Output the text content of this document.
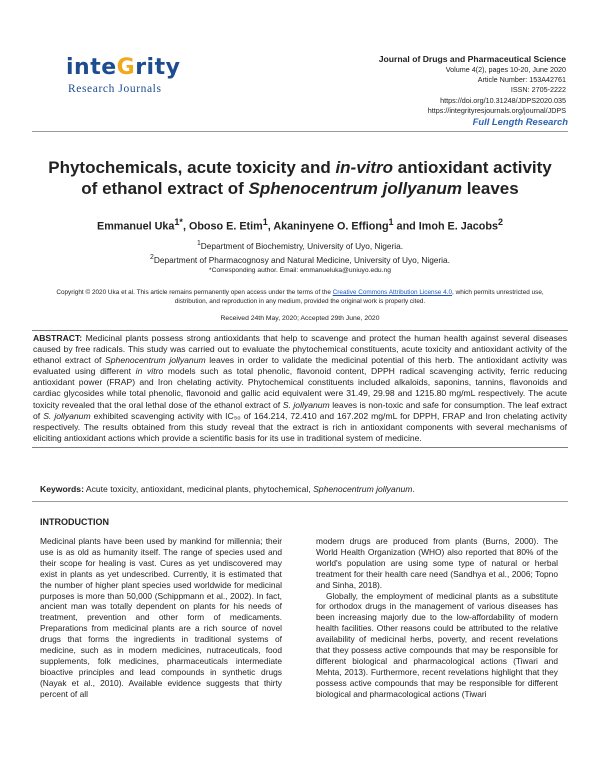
inteGrity
Research Journals
Journal of Drugs and Pharmaceutical Science
Volume 4(2), pages 10-20, June 2020
Article Number: 153A42761
ISSN: 2705-2222
https://doi.org/10.31248/JDPS2020.035
https://integrityresjournals.org/journal/JDPS
Full Length Research
Phytochemicals, acute toxicity and in-vitro antioxidant activity of ethanol extract of Sphenocentrum jollyanum leaves
Emmanuel Uka$^{1*}$, Oboso E. Etim$^1$, Akaninyene O. Effiong$^1$ and Imoh E. Jacobs$^2$
$^1$Department of Biochemistry, University of Uyo, Nigeria.
$^2$Department of Pharmacognosy and Natural Medicine, University of Uyo, Nigeria.
*Corresponding author. Email: emmanueluka@uniuyo.edu.ng
Copyright © 2020 Uka et al. This article remains permanently open access under the terms of the Creative Commons Attribution License 4.0, which permits unrestricted use, distribution, and reproduction in any medium, provided the original work is properly cited.
Received 24th May, 2020; Accepted 29th June, 2020

ABSTRACT: Medicinal plants possess strong antioxidants that help to scavenge and protect the human health against several diseases caused by free radicals. This study was carried out to evaluate the phytochemical constituents, acute toxicity and antioxidant activity of the ethanol extract of Sphenocentrum jollyanum leaves in order to validate the medicinal potential of this herb. The antioxidant activity was evaluated using different in vitro models such as total phenolic, flavonoid content, DPPH radical scavenging activity, ferric reducing antioxidant power (FRAP) and Iron chelating activity. Phytochemical constituents included alkaloids, saponins, tannins, flavonoids and cardiac glycosides while total phenolic, flavonoid and gallic acid equivalent were 31.49, 29.98 and 1215.80 mg/mL respectively. The acute toxicity revealed that the oral lethal dose of the ethanol extract of S. jollyanum leaves is non-toxic and safe for consumption. The leaf extract of S. jollyanum exhibited scavenging activity with IC₅₀ of 164.214, 72.410 and 167.202 mg/mL for DPPH, FRAP and Iron chelating activity respectively. The results obtained from this study reveal that the extract is rich in antioxidant components with several mechanisms of eliciting antioxidant actions which provide a scientific basis for its use in traditional system of medicine.

Keywords: Acute toxicity, antioxidant, medicinal plants, phytochemical, Sphenocentrum jollyanum.
INTRODUCTION

Medicinal plants have been used by mankind for millennia; their use is as old as humanity itself. The range of species used and their scope for healing is vast. Cures as yet undiscovered may exist in plants as yet undescribed. Currently, it is estimated that the number of higher plant species used worldwide for medicinal purposes is more than 50,000 (Schippmann et al., 2002). In fact, ancient man was totally dependent on plants for his needs of treatment, prevention and other form of medicaments. Preparations from medicinal plants are a rich source of novel drugs that forms the ingredients in traditional systems of medicine, such as in modern medicines, nutraceuticals, food supplements, folk medicines, pharmaceuticals intermediate bioactive principles and lead compounds in synthetic drugs (Nayak et al., 2010). Available evidence suggests that thirty percent of all

modern drugs are produced from plants (Burns, 2000). The World Health Organization (WHO) also reported that 80% of the world's population are using some type of natural or herbal treatment for their health care need (Sandhya et al., 2006; Topno and Sinha, 2018).

Globally, the employment of medicinal plants as a substitute for orthodox drugs in the management of various diseases has been increasing majorly due to the low-affordability of modern health facilities. Other reasons could be attributed to the relative availability of medicinal herbs, poverty, and recent revelations that they possess active compounds that may be responsible for different biological and pharmacological actions (Tiwari and Mehta, 2013). Furthermore, recent revelations highlight that they possess active compounds that may be responsible for different biological and pharmacological actions (Tiwari
